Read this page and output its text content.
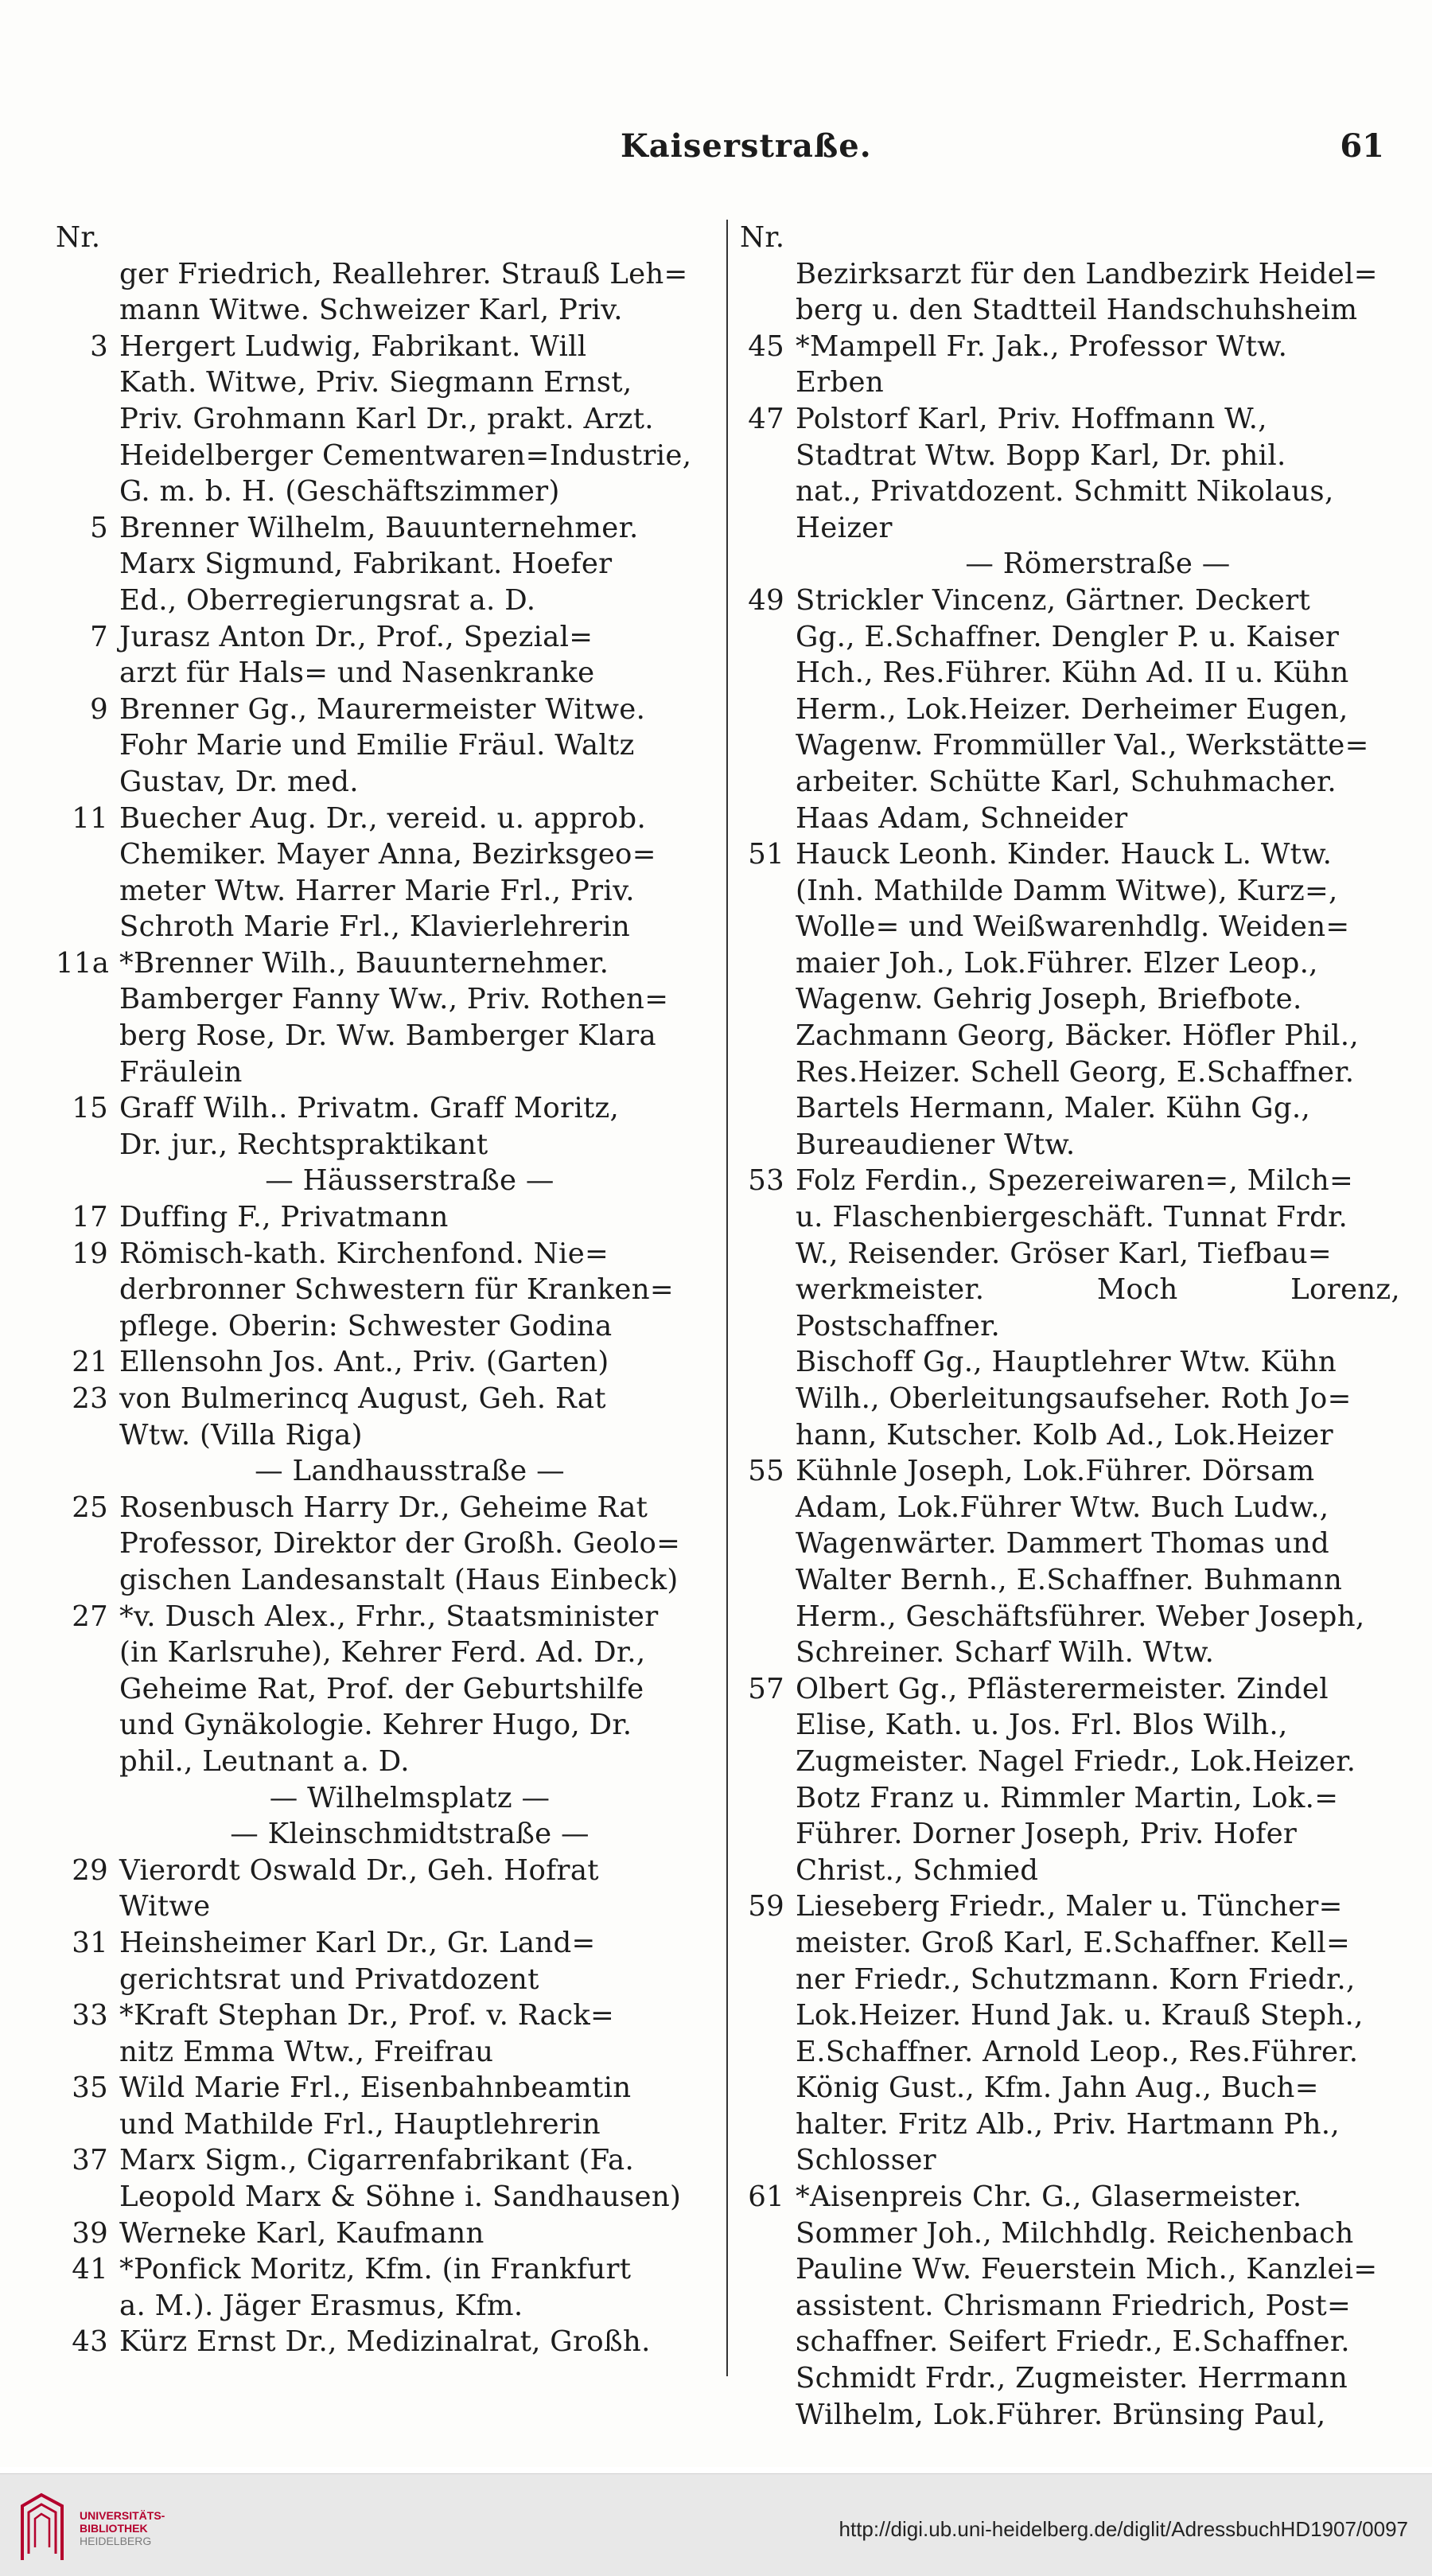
Kaiserstraße.	61
Nr.
ger Friedrich, Reallehrer. Strauß Leh=
mann Witwe. Schweizer Karl, Priv.
3 Hergert Ludwig, Fabrikant. Will
Kath. Witwe, Priv. Siegmann Ernst,
Priv. Grohmann Karl Dr., prakt. Arzt.
Heidelberger Cementwaren=Industrie,
G. m. b. H. (Geschäftszimmer)
5 Brenner Wilhelm, Bauunternehmer.
Marx Sigmund, Fabrikant. Hoefer
Ed., Oberregierungsrat a. D.
7 Jurasz Anton Dr., Prof., Spezial=
arzt für Hals= und Nasenkranke
9 Brenner Gg., Maurermeister Witwe.
Fohr Marie und Emilie Fräul. Waltz
Gustav, Dr. med.
11 Buecher Aug. Dr., vereid. u. approb.
Chemiker. Mayer Anna, Bezirksgeo=
meter Wtw. Harrer Marie Frl., Priv.
Schroth Marie Frl., Klavierlehrerin
11a *Brenner Wilh., Bauunternehmer.
Bamberger Fanny Ww., Priv. Rothen=
berg Rose, Dr. Ww. Bamberger Klara
Fräulein
15 Graff Wilh.. Privatm. Graff Moritz,
Dr. jur., Rechtspraktikant
— Häusserstraße —
17 Duffing F., Privatmann
19 Römisch-kath. Kirchenfond. Nie=
derbronner Schwestern für Kranken=
pflege. Oberin: Schwester Godina
21 Ellensohn Jos. Ant., Priv. (Garten)
23 von Bulmerincq August, Geh. Rat
Wtw. (Villa Riga)
— Landhausstraße —
25 Rosenbusch Harry Dr., Geheime Rat
Professor, Direktor der Großh. Geolo=
gischen Landesanstalt (Haus Einbeck)
27 *v. Dusch Alex., Frhr., Staatsminister
(in Karlsruhe), Kehrer Ferd. Ad. Dr.,
Geheime Rat, Prof. der Geburtshilfe
und Gynäkologie. Kehrer Hugo, Dr.
phil., Leutnant a. D.
— Wilhelmsplatz —
— Kleinschmidtstraße —
29 Vierordt Oswald Dr., Geh. Hofrat
Witwe
31 Heinsheimer Karl Dr., Gr. Land=
gerichtsrat und Privatdozent
33 *Kraft Stephan Dr., Prof. v. Rack=
nitz Emma Wtw., Freifrau
35 Wild Marie Frl., Eisenbahnbeamtin
und Mathilde Frl., Hauptlehrerin
37 Marx Sigm., Cigarrenfabrikant (Fa.
Leopold Marx & Söhne i. Sandhausen)
39 Werneke Karl, Kaufmann
41 *Ponfick Moritz, Kfm. (in Frankfurt
a. M.). Jäger Erasmus, Kfm.
43 Kürz Ernst Dr., Medizinalrat, Großh.
Nr.
Bezirksarzt für den Landbezirk Heidel=
berg u. den Stadtteil Handschuhsheim
45 *Mampell Fr. Jak., Professor Wtw.
Erben
47 Polstorf Karl, Priv. Hoffmann W.,
Stadtrat Wtw. Bopp Karl, Dr. phil.
nat., Privatdozent. Schmitt Nikolaus,
Heizer
— Römerstraße —
49 Strickler Vincenz, Gärtner. Deckert
Gg., E.Schaffner. Dengler P. u. Kaiser
Hch., Res.Führer. Kühn Ad. II u. Kühn
Herm., Lok.Heizer. Derheimer Eugen,
Wagenw. Frommüller Val., Werkstätte=
arbeiter. Schütte Karl, Schuhmacher.
Haas Adam, Schneider
51 Hauck Leonh. Kinder. Hauck L. Wtw.
(Inh. Mathilde Damm Witwe), Kurz=,
Wolle= und Weißwarenhdlg. Weiden=
maier Joh., Lok.Führer. Elzer Leop.,
Wagenw. Gehrig Joseph, Briefbote.
Zachmann Georg, Bäcker. Höfler Phil.,
Res.Heizer. Schell Georg, E.Schaffner.
Bartels Hermann, Maler. Kühn Gg.,
Bureaudiener Wtw.
53 Folz Ferdin., Spezereiwaren=, Milch=
u. Flaschenbiergeschäft. Tunnat Frdr.
W., Reisender. Gröser Karl, Tiefbau=
werkmeister. Moch Lorenz, Postschaffner.
Bischoff Gg., Hauptlehrer Wtw. Kühn
Wilh., Oberleitungsaufseher. Roth Jo=
hann, Kutscher. Kolb Ad., Lok.Heizer
55 Kühnle Joseph, Lok.Führer. Dörsam
Adam, Lok.Führer Wtw. Buch Ludw.,
Wagenwärter. Dammert Thomas und
Walter Bernh., E.Schaffner. Buhmann
Herm., Geschäftsführer. Weber Joseph,
Schreiner. Scharf Wilh. Wtw.
57 Olbert Gg., Pflästerermeister. Zindel
Elise, Kath. u. Jos. Frl. Blos Wilh.,
Zugmeister. Nagel Friedr., Lok.Heizer.
Botz Franz u. Rimmler Martin, Lok.=
Führer. Dorner Joseph, Priv. Hofer
Christ., Schmied
59 Lieseberg Friedr., Maler u. Tüncher=
meister. Groß Karl, E.Schaffner. Kell=
ner Friedr., Schutzmann. Korn Friedr.,
Lok.Heizer. Hund Jak. u. Krauß Steph.,
E.Schaffner. Arnold Leop., Res.Führer.
König Gust., Kfm. Jahn Aug., Buch=
halter. Fritz Alb., Priv. Hartmann Ph.,
Schlosser
61 *Aisenpreis Chr. G., Glasermeister.
Sommer Joh., Milchhdlg. Reichenbach
Pauline Ww. Feuerstein Mich., Kanzlei=
assistent. Chrismann Friedrich, Post=
schaffner. Seifert Friedr., E.Schaffner.
Schmidt Frdr., Zugmeister. Herrmann
Wilhelm, Lok.Führer. Brünsing Paul,
UNIVERSITÄTS-
BIBLIOTHEK
HEIDELBERG	http://digi.ub.uni-heidelberg.de/diglit/AdressbuchHD1907/0097
